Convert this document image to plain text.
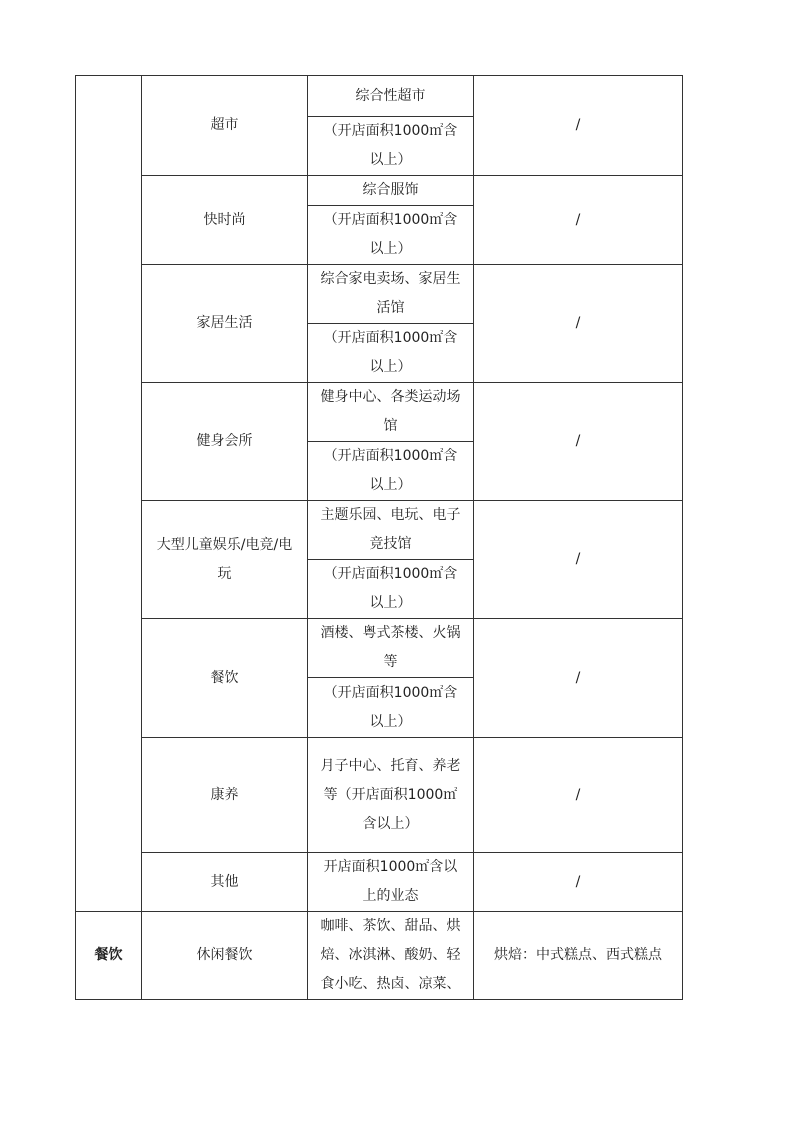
	超市	综合性超市	/
		（开店面积1000㎡含以上）	
	快时尚	综合服饰	/
		（开店面积1000㎡含以上）	
	家居生活	综合家电卖场、家居生活馆	/
		（开店面积1000㎡含以上）	
	健身会所	健身中心、各类运动场馆	/
		（开店面积1000㎡含以上）	
	大型儿童娱乐/电竞/电玩	主题乐园、电玩、电子竞技馆	/
		（开店面积1000㎡含以上）	
	餐饮	酒楼、粤式茶楼、火锅等	/
		（开店面积1000㎡含以上）	
	康养	月子中心、托育、养老等（开店面积1000㎡含以上）	/
	其他	开店面积1000㎡含以上的业态	/

餐饮	休闲餐饮	咖啡、茶饮、甜品、烘焙、冰淇淋、酸奶、轻食小吃、热卤、凉菜、	烘焙：中式糕点、西式糕点
